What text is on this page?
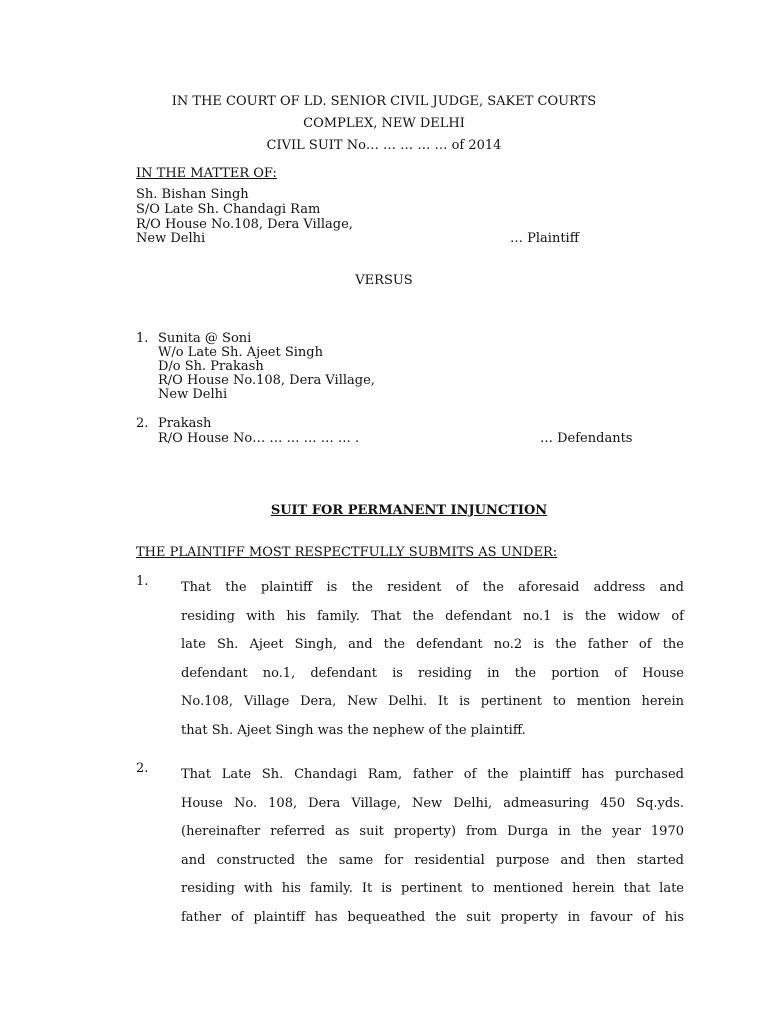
IN THE COURT OF LD. SENIOR CIVIL JUDGE, SAKET COURTS
COMPLEX, NEW DELHI
CIVIL SUIT No… … … … … of 2014
IN THE MATTER OF:
Sh. Bishan Singh
S/O Late Sh. Chandagi Ram
R/O House No.108, Dera Village,
New Delhi	… Plaintiff
VERSUS
1. Sunita @ Soni
W/o Late Sh. Ajeet Singh
D/o Sh. Prakash
R/O House No.108, Dera Village,
New Delhi
2. Prakash
R/O House No… … … … … … .	… Defendants
SUIT FOR PERMANENT INJUNCTION
THE PLAINTIFF MOST RESPECTFULLY SUBMITS AS UNDER:
1.	That the plaintiff is the resident of the aforesaid address and
residing with his family. That the defendant no.1 is the widow of
late Sh. Ajeet Singh, and the defendant no.2 is the father of the
defendant no.1, defendant is residing in the portion of House
No.108, Village Dera, New Delhi. It is pertinent to mention herein
that Sh. Ajeet Singh was the nephew of the plaintiff.
2.	That Late Sh. Chandagi Ram, father of the plaintiff has purchased
House No. 108, Dera Village, New Delhi, admeasuring 450 Sq.yds.
(hereinafter referred as suit property) from Durga in the year 1970
and constructed the same for residential purpose and then started
residing with his family. It is pertinent to mentioned herein that late
father of plaintiff has bequeathed the suit property in favour of his
